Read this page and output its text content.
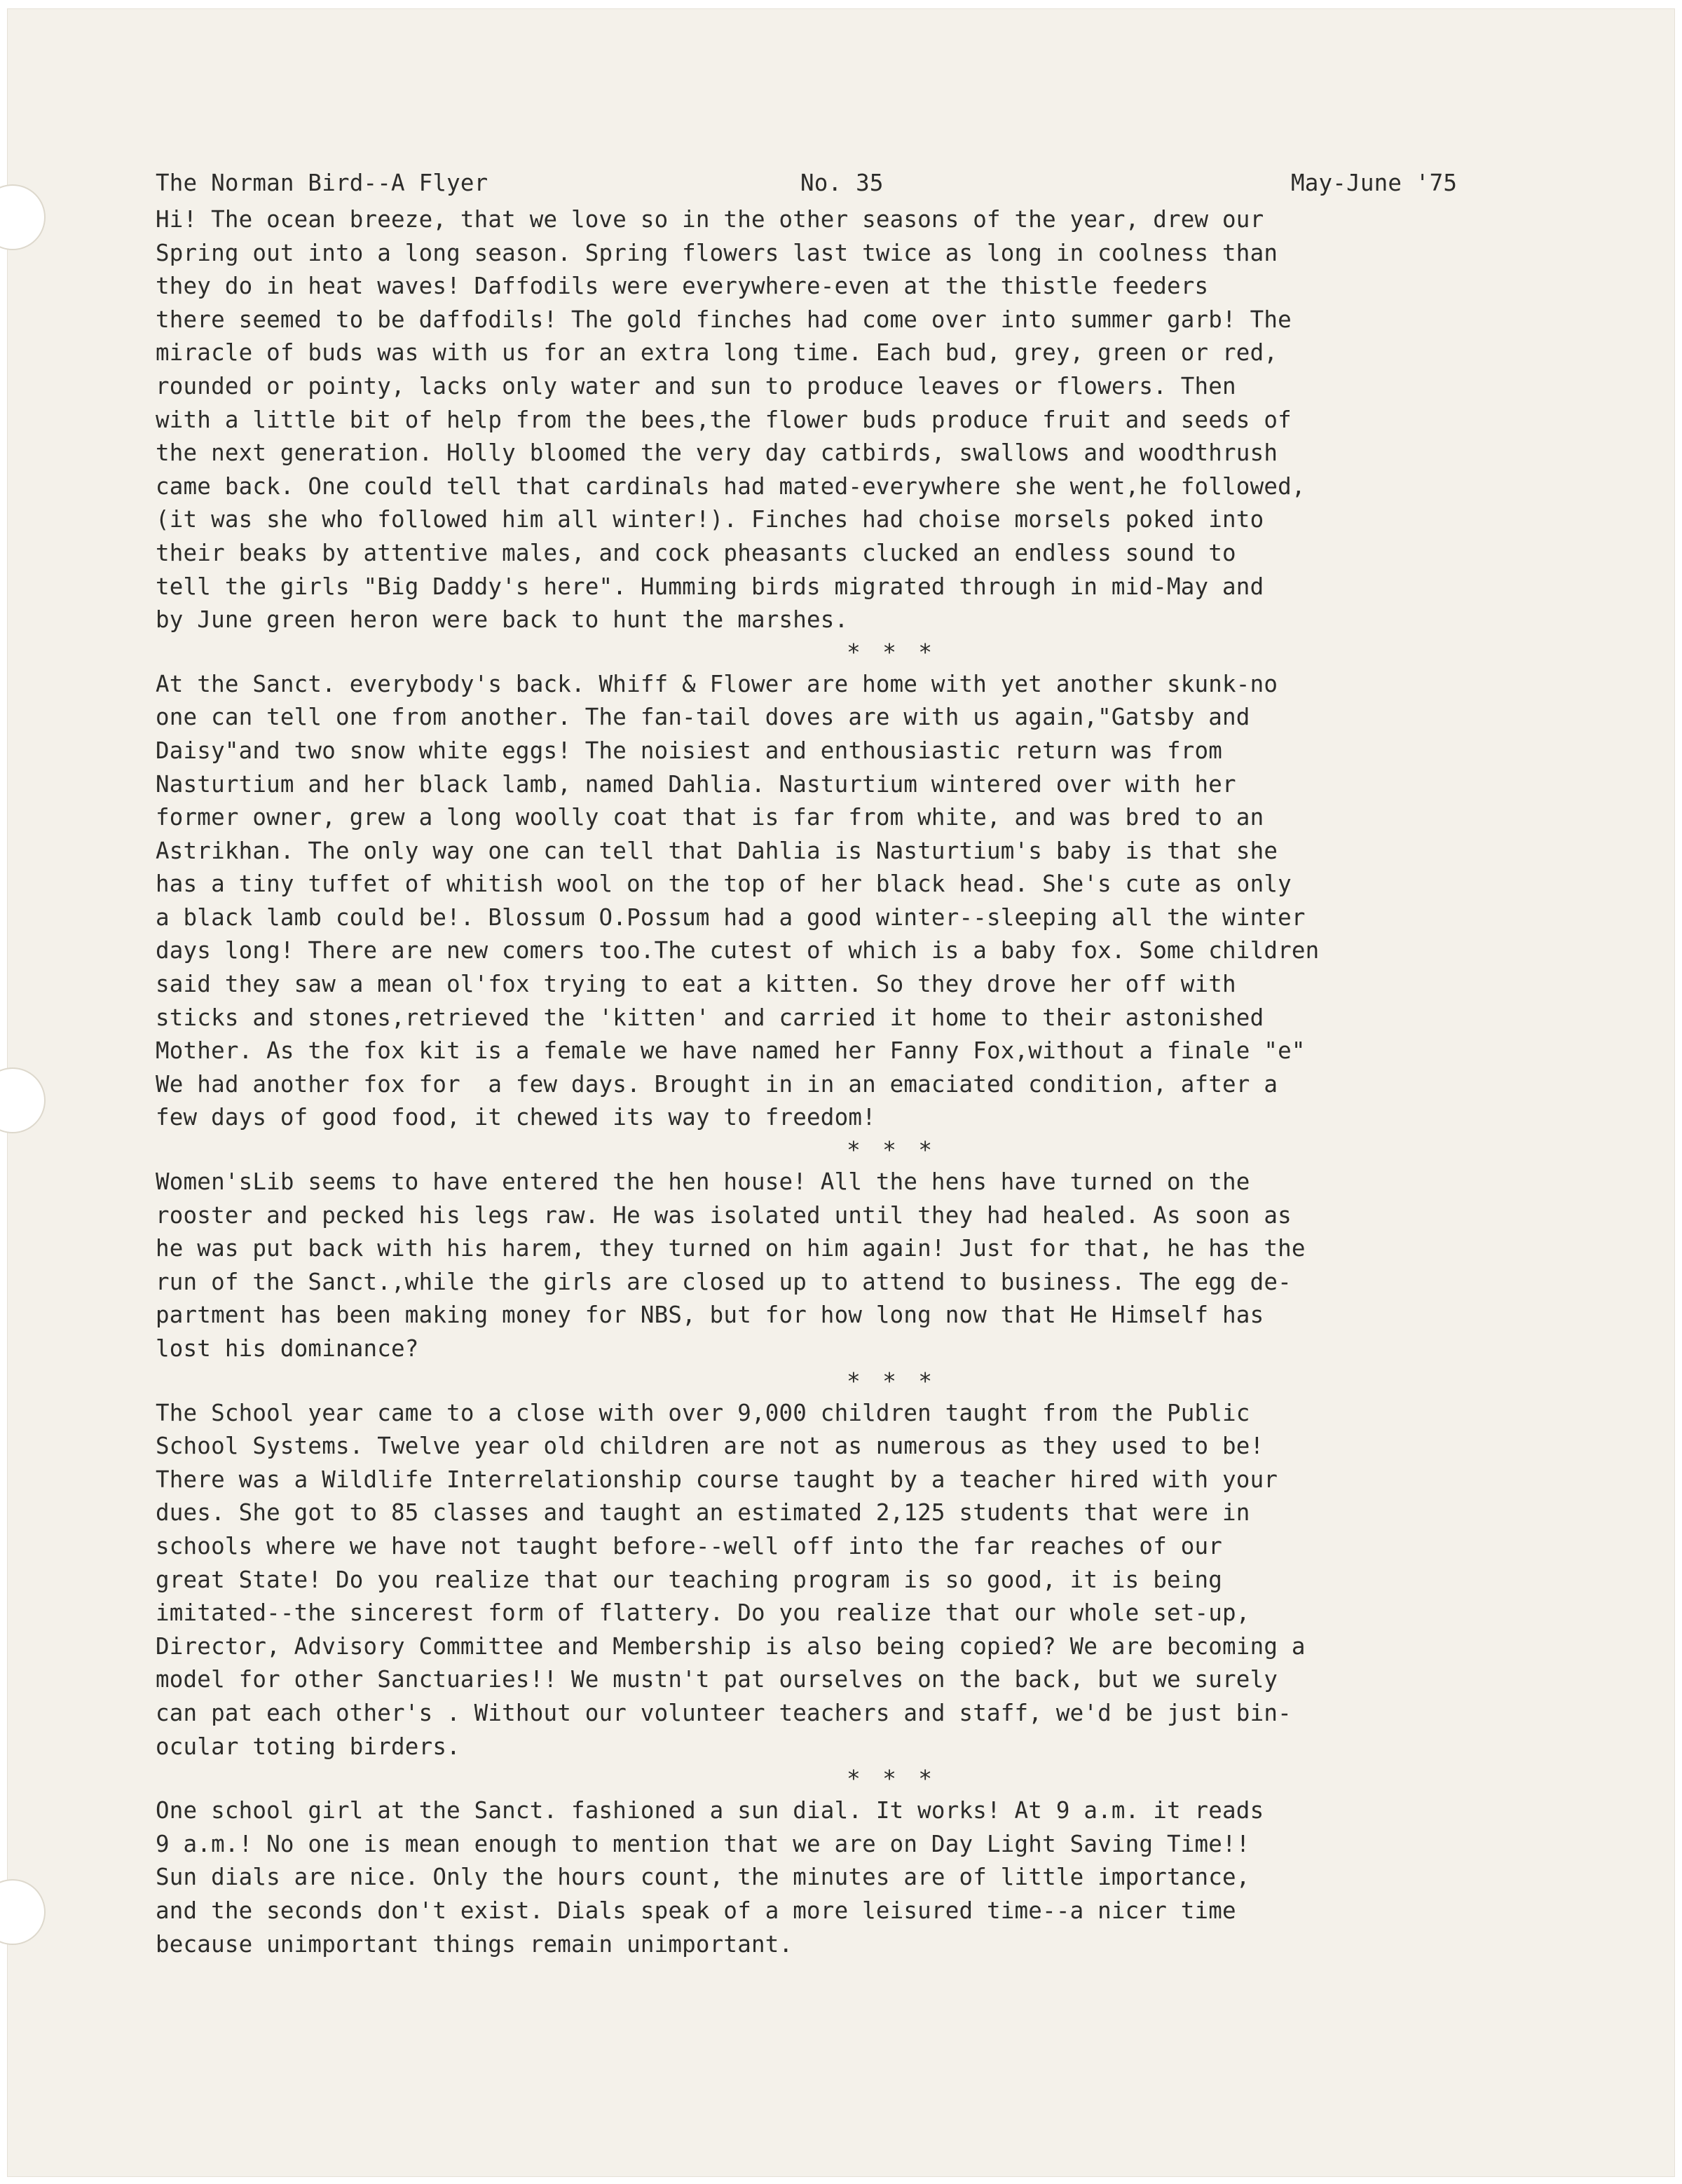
The Norman Bird--A Flyer	No. 35	May-June '75
Hi! The ocean breeze, that we love so in the other seasons of the year, drew our
Spring out into a long season. Spring flowers last twice as long in coolness than
they do in heat waves! Daffodils were everywhere-even at the thistle feeders
there seemed to be daffodils! The gold finches had come over into summer garb! The
miracle of buds was with us for an extra long time. Each bud, grey, green or red,
rounded or pointy, lacks only water and sun to produce leaves or flowers. Then
with a little bit of help from the bees,the flower buds produce fruit and seeds of
the next generation. Holly bloomed the very day catbirds, swallows and woodthrush
came back. One could tell that cardinals had mated-everywhere she went,he followed,
(it was she who followed him all winter!). Finches had choise morsels poked into
their beaks by attentive males, and cock pheasants clucked an endless sound to
tell the girls "Big Daddy's here". Humming birds migrated through in mid-May and
by June green heron were back to hunt the marshes.
* * *
At the Sanct. everybody's back. Whiff & Flower are home with yet another skunk-no
one can tell one from another. The fan-tail doves are with us again,"Gatsby and
Daisy"and two snow white eggs! The noisiest and enthousiastic return was from
Nasturtium and her black lamb, named Dahlia. Nasturtium wintered over with her
former owner, grew a long woolly coat that is far from white, and was bred to an
Astrikhan. The only way one can tell that Dahlia is Nasturtium's baby is that she
has a tiny tuffet of whitish wool on the top of her black head. She's cute as only
a black lamb could be!. Blossum O.Possum had a good winter--sleeping all the winter
days long! There are new comers too.The cutest of which is a baby fox. Some children
said they saw a mean ol'fox trying to eat a kitten. So they drove her off with
sticks and stones,retrieved the 'kitten' and carried it home to their astonished
Mother. As the fox kit is a female we have named her Fanny Fox,without a finale "e"
We had another fox for  a few days. Brought in in an emaciated condition, after a
few days of good food, it chewed its way to freedom!
* * *
Women'sLib seems to have entered the hen house! All the hens have turned on the
rooster and pecked his legs raw. He was isolated until they had healed. As soon as
he was put back with his harem, they turned on him again! Just for that, he has the
run of the Sanct.,while the girls are closed up to attend to business. The egg de-
partment has been making money for NBS, but for how long now that He Himself has
lost his dominance?
* * *
The School year came to a close with over 9,000 children taught from the Public
School Systems. Twelve year old children are not as numerous as they used to be!
There was a Wildlife Interrelationship course taught by a teacher hired with your
dues. She got to 85 classes and taught an estimated 2,125 students that were in
schools where we have not taught before--well off into the far reaches of our
great State! Do you realize that our teaching program is so good, it is being
imitated--the sincerest form of flattery. Do you realize that our whole set-up,
Director, Advisory Committee and Membership is also being copied? We are becoming a
model for other Sanctuaries!! We mustn't pat ourselves on the back, but we surely
can pat each other's . Without our volunteer teachers and staff, we'd be just bin-
ocular toting birders.
* * *
One school girl at the Sanct. fashioned a sun dial. It works! At 9 a.m. it reads
9 a.m.! No one is mean enough to mention that we are on Day Light Saving Time!!
Sun dials are nice. Only the hours count, the minutes are of little importance,
and the seconds don't exist. Dials speak of a more leisured time--a nicer time
because unimportant things remain unimportant.
